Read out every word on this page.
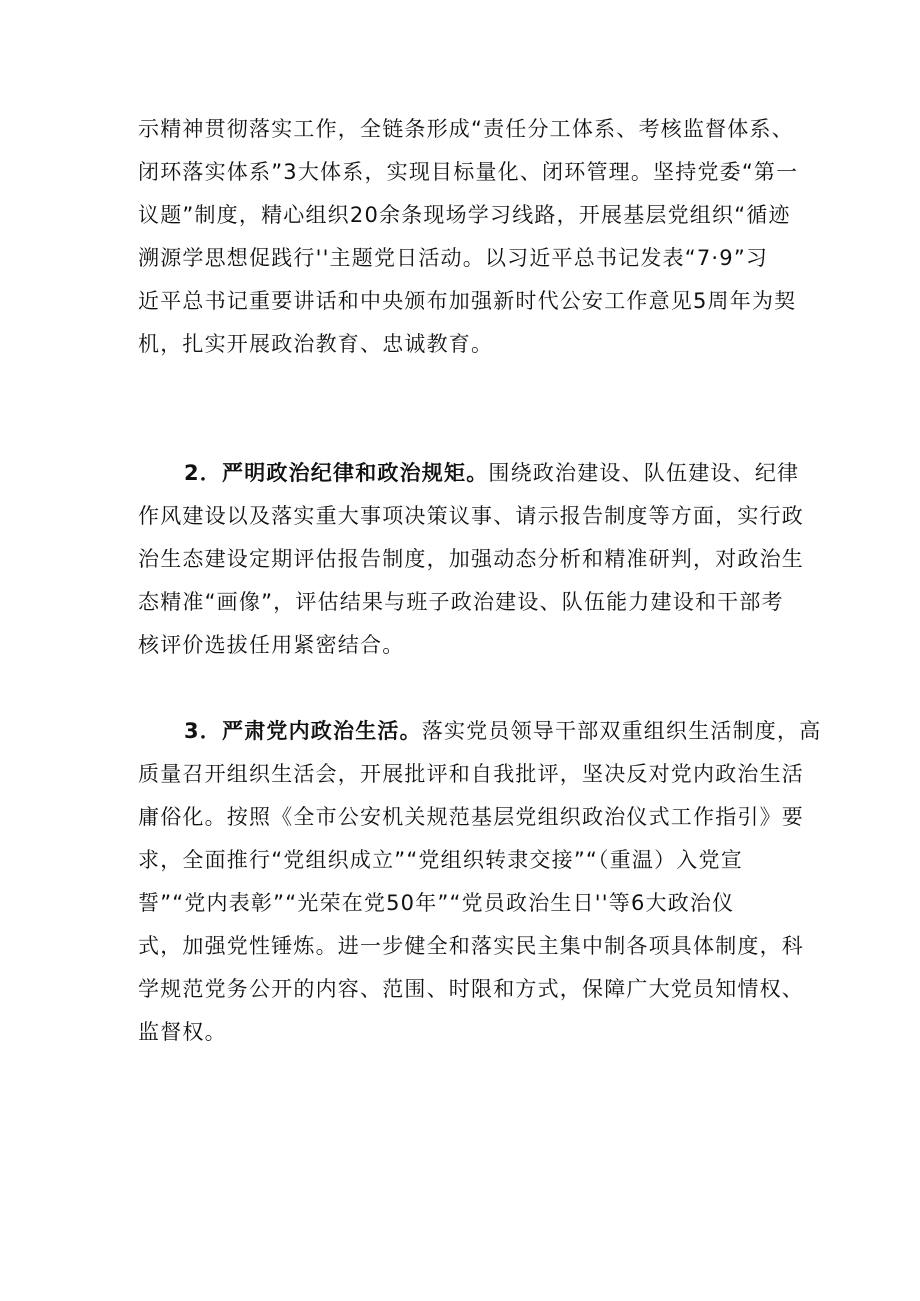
示精神贯彻落实工作，全链条形成“责任分工体系、考核监督体系、
闭环落实体系”3大体系，实现目标量化、闭环管理。坚持党委“第一
议题”制度，精心组织20余条现场学习线路，开展基层党组织“循迹
溯源学思想促践行''主题党日活动。以习近平总书记发表“7·9”习
近平总书记重要讲话和中央颁布加强新时代公安工作意见5周年为契
机，扎实开展政治教育、忠诚教育。
2．严明政治纪律和政治规矩。围绕政治建设、队伍建设、纪律
作风建设以及落实重大事项决策议事、请示报告制度等方面，实行政
治生态建设定期评估报告制度，加强动态分析和精准研判，对政治生
态精准“画像”，评估结果与班子政治建设、队伍能力建设和干部考
核评价选拔任用紧密结合。
3．严肃党内政治生活。落实党员领导干部双重组织生活制度，高
质量召开组织生活会，开展批评和自我批评，坚决反对党内政治生活
庸俗化。按照《全市公安机关规范基层党组织政治仪式工作指引》要
求，全面推行“党组织成立”“党组织转隶交接”“（重温）入党宣
誓”“党内表彰”“光荣在党50年”“党员政治生日''等6大政治仪
式，加强党性锤炼。进一步健全和落实民主集中制各项具体制度，科
学规范党务公开的内容、范围、时限和方式，保障广大党员知情权、
监督权。
